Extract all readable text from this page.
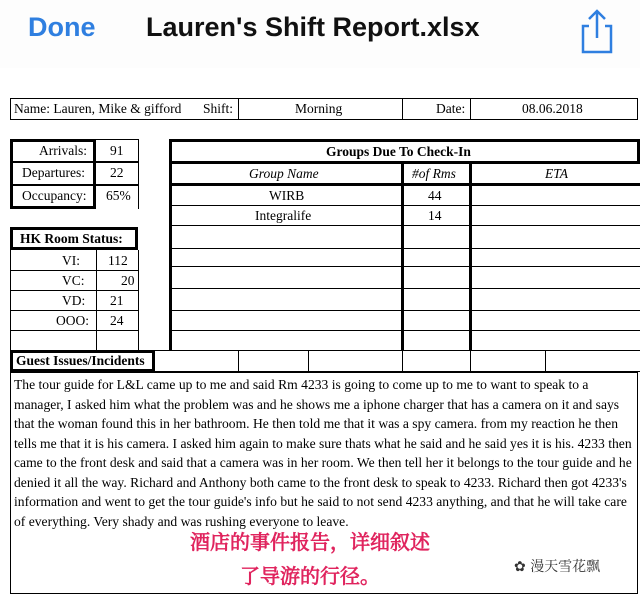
Done Lauren's Shift Report.xlsx
Name: Lauren, Mike & gifford Shift:	Morning	Date:	08.06.2018
Arrivals: 91
Departures: 22
Occupancy: 65%
HK Room Status:
VI: 112
VC:	20
VD: 21
OOO: 24
Groups Due To Check-In
Group Name	#of Rms	ETA
WIRB	44
Integralife	14
Guest Issues/Incidents
The tour guide for L&L came up to me and said Rm 4233 is going to come up to me to want to speak to a manager, I asked him what the problem was and he shows me a iphone charger that has a camera on it and says that the woman found this in her bathroom. He then told me that it was a spy camera. from my reaction he then tells me that it is his camera. I asked him again to make sure thats what he said and he said yes it is his. 4233 then came to the front desk and said that a camera was in her room. We then tell her it belongs to the tour guide and he denied it all the way. Richard and Anthony both came to the front desk to speak to 4233. Richard then got 4233's information and went to get the tour guide's info but he said to not send 4233 anything, and that he will take care of everything. Very shady and was rushing everyone to leave.
酒店的事件报告，详细叙述
了导游的行径。	✿ 漫天雪花飘
